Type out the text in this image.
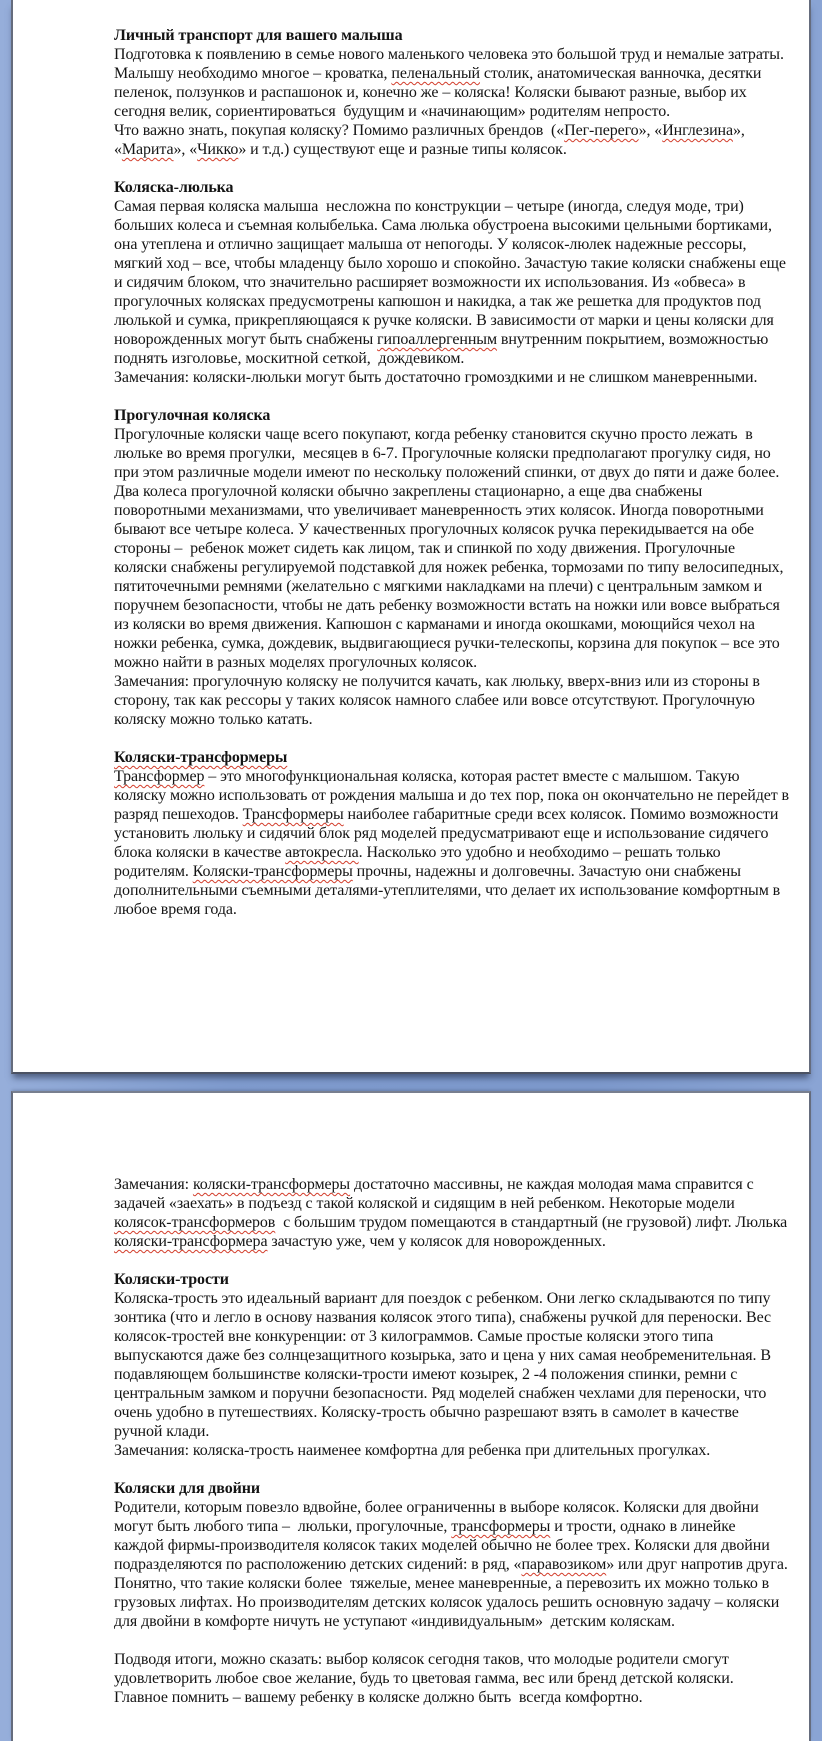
Личный транспорт для вашего малыша
Подготовка к появлению в семье нового маленького человека это большой труд и немалые затраты. Малышу необходимо многое – кроватка, пеленальный столик, анатомическая ванночка, десятки пеленок, ползунков и распашонок и, конечно же – коляска! Коляски бывают разные, выбор их сегодня велик, сориентироваться  будущим и «начинающим» родителям непросто.
Что важно знать, покупая коляску? Помимо различных брендов  («Пег-перего», «Инглезина», «Марита», «Чикко» и т.д.) существуют еще и разные типы колясок.
Коляска-люлька
Самая первая коляска малыша  несложна по конструкции – четыре (иногда, следуя моде, три) больших колеса и съемная колыбелька. Сама люлька обустроена высокими цельными бортиками,  она утеплена и отлично защищает малыша от непогоды. У колясок-люлек надежные рессоры, мягкий ход – все, чтобы младенцу было хорошо и спокойно. Зачастую такие коляски снабжены еще и сидячим блоком, что значительно расширяет возможности их использования. Из «обвеса» в прогулочных колясках предусмотрены капюшон и накидка, а так же решетка для продуктов под люлькой и сумка, прикрепляющаяся к ручке коляски. В зависимости от марки и цены коляски для новорожденных могут быть снабжены гипоаллергенным внутренним покрытием, возможностью поднять изголовье, москитной сеткой,  дождевиком.
Замечания: коляски-люльки могут быть достаточно громоздкими и не слишком маневренными.
Прогулочная коляска
Прогулочные коляски чаще всего покупают, когда ребенку становится скучно просто лежать  в люльке во время прогулки,  месяцев в 6-7. Прогулочные коляски предполагают прогулку сидя, но при этом различные модели имеют по нескольку положений спинки, от двух до пяти и даже более. Два колеса прогулочной коляски обычно закреплены стационарно, а еще два снабжены поворотными механизмами, что увеличивает маневренность этих колясок. Иногда поворотными бывают все четыре колеса. У качественных прогулочных колясок ручка перекидывается на обе стороны –  ребенок может сидеть как лицом, так и спинкой по ходу движения. Прогулочные коляски снабжены регулируемой подставкой для ножек ребенка, тормозами по типу велосипедных,  пятиточечными ремнями (желательно с мягкими накладками на плечи) с центральным замком и поручнем безопасности, чтобы не дать ребенку возможности встать на ножки или вовсе выбраться из коляски во время движения. Капюшон с карманами и иногда окошками, моющийся чехол на ножки ребенка, сумка, дождевик, выдвигающиеся ручки-телескопы, корзина для покупок – все это можно найти в разных моделях прогулочных колясок.
Замечания: прогулочную коляску не получится качать, как люльку, вверх-вниз или из стороны в сторону, так как рессоры у таких колясок намного слабее или вовсе отсутствуют. Прогулочную коляску можно только катать.
Коляски-трансформеры
Трансформер – это многофункциональная коляска, которая растет вместе с малышом. Такую коляску можно использовать от рождения малыша и до тех пор, пока он окончательно не перейдет в разряд пешеходов. Трансформеры наиболее габаритные среди всех колясок. Помимо возможности установить люльку и сидячий блок ряд моделей предусматривают еще и использование сидячего блока коляски в качестве автокресла. Насколько это удобно и необходимо – решать только родителям. Коляски-трансформеры прочны, надежны и долговечны. Зачастую они снабжены дополнительными съемными деталями-утеплителями, что делает их использование комфортным в любое время года.
Замечания: коляски-трансформеры достаточно массивны, не каждая молодая мама справится с задачей «заехать» в подъезд с такой коляской и сидящим в ней ребенком. Некоторые модели колясок-трансформеров  с большим трудом помещаются в стандартный (не грузовой) лифт. Люлька коляски-трансформера зачастую уже, чем у колясок для новорожденных.
Коляски-трости
Коляска-трость это идеальный вариант для поездок с ребенком. Они легко складываются по типу зонтика (что и легло в основу названия колясок этого типа), снабжены ручкой для переноски. Вес  колясок-тростей вне конкуренции: от 3 килограммов. Самые простые коляски этого типа выпускаются даже без солнцезащитного козырька, зато и цена у них самая необременительная. В  подавляющем большинстве коляски-трости имеют козырек, 2 -4 положения спинки, ремни с центральным замком и поручни безопасности. Ряд моделей снабжен чехлами для переноски, что очень удобно в путешествиях. Коляску-трость обычно разрешают взять в самолет в качестве ручной клади.
Замечания: коляска-трость наименее комфортна для ребенка при длительных прогулках.
Коляски для двойни
Родители, которым повезло вдвойне, более ограниченны в выборе колясок. Коляски для двойни могут быть любого типа –  люльки, прогулочные, трансформеры и трости, однако в линейке каждой фирмы-производителя колясок таких моделей обычно не более трех. Коляски для двойни подразделяются по расположению детских сидений: в ряд, «паравозиком» или друг напротив друга.  Понятно, что такие коляски более  тяжелые, менее маневренные, а перевозить их можно только в грузовых лифтах. Но производителям детских колясок удалось решить основную задачу – коляски для двойни в комфорте ничуть не уступают «индивидуальным»  детским коляскам.
Подводя итоги, можно сказать: выбор колясок сегодня таков, что молодые родители смогут удовлетворить любое свое желание, будь то цветовая гамма, вес или бренд детской коляски. Главное помнить – вашему ребенку в коляске должно быть  всегда комфортно.
